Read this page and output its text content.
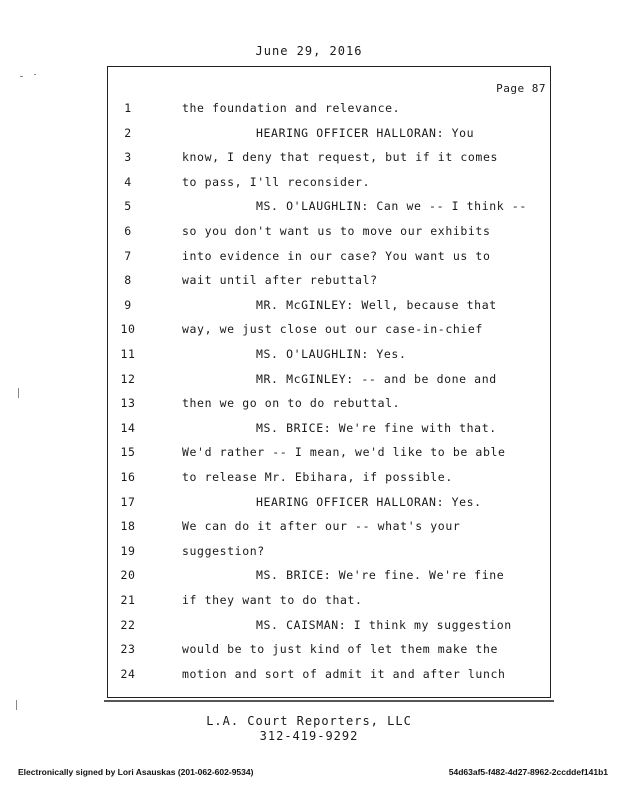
June 29, 2016
Page 87
1	the foundation and relevance.
2	HEARING OFFICER HALLORAN: You
3	know, I deny that request, but if it comes
4	to pass, I'll reconsider.
5	MS. O'LAUGHLIN: Can we -- I think --
6	so you don't want us to move our exhibits
7	into evidence in our case? You want us to
8	wait until after rebuttal?
9	MR. McGINLEY: Well, because that
10	way, we just close out our case-in-chief
11	MS. O'LAUGHLIN: Yes.
12	MR. McGINLEY: -- and be done and
13	then we go on to do rebuttal.
14	MS. BRICE: We're fine with that.
15	We'd rather -- I mean, we'd like to be able
16	to release Mr. Ebihara, if possible.
17	HEARING OFFICER HALLORAN: Yes.
18	We can do it after our -- what's your
19	suggestion?
20	MS. BRICE: We're fine. We're fine
21	if they want to do that.
22	MS. CAISMAN: I think my suggestion
23	would be to just kind of let them make the
24	motion and sort of admit it and after lunch
L.A. Court Reporters, LLC
312-419-9292
Electronically signed by Lori Asauskas (201-062-602-9534)	54d63af5-f482-4d27-8962-2ccddef141b1
